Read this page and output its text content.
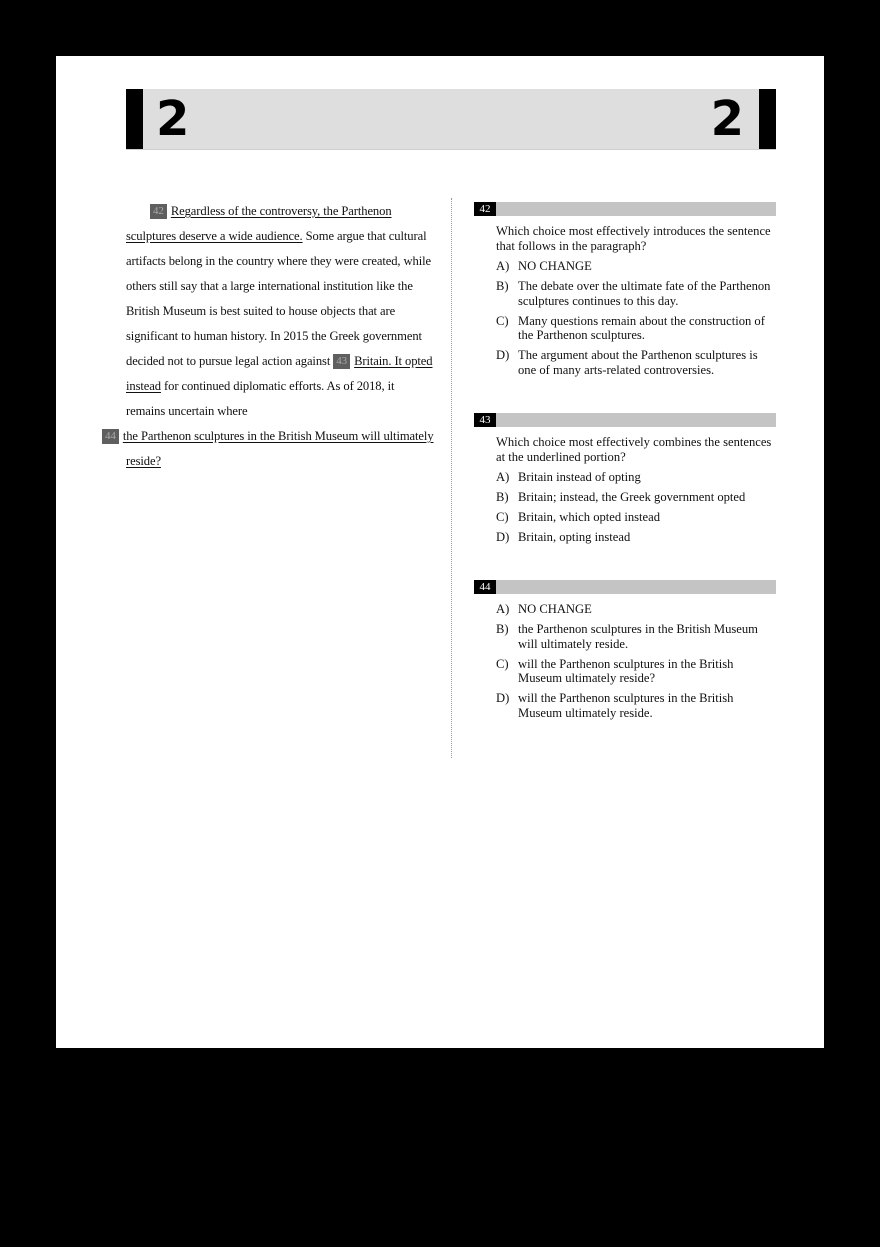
2	2

42 Regardless of the controversy, the Parthenon sculptures deserve a wide audience. Some argue that cultural artifacts belong in the country where they were created, while others still say that a large international institution like the British Museum is best suited to house objects that are significant to human history. In 2015 the Greek government decided not to pursue legal action against 43 Britain. It opted instead for continued diplomatic efforts. As of 2018, it remains uncertain where
44 the Parthenon sculptures in the British Museum will ultimately reside?

42
Which choice most effectively introduces the sentence that follows in the paragraph?
A) NO CHANGE
B) The debate over the ultimate fate of the Parthenon sculptures continues to this day.
C) Many questions remain about the construction of the Parthenon sculptures.
D) The argument about the Parthenon sculptures is one of many arts-related controversies.
43
Which choice most effectively combines the sentences at the underlined portion?
A) Britain instead of opting
B) Britain; instead, the Greek government opted
C) Britain, which opted instead
D) Britain, opting instead
44
A) NO CHANGE
B) the Parthenon sculptures in the British Museum will ultimately reside.
C) will the Parthenon sculptures in the British Museum ultimately reside?
D) will the Parthenon sculptures in the British Museum ultimately reside.
